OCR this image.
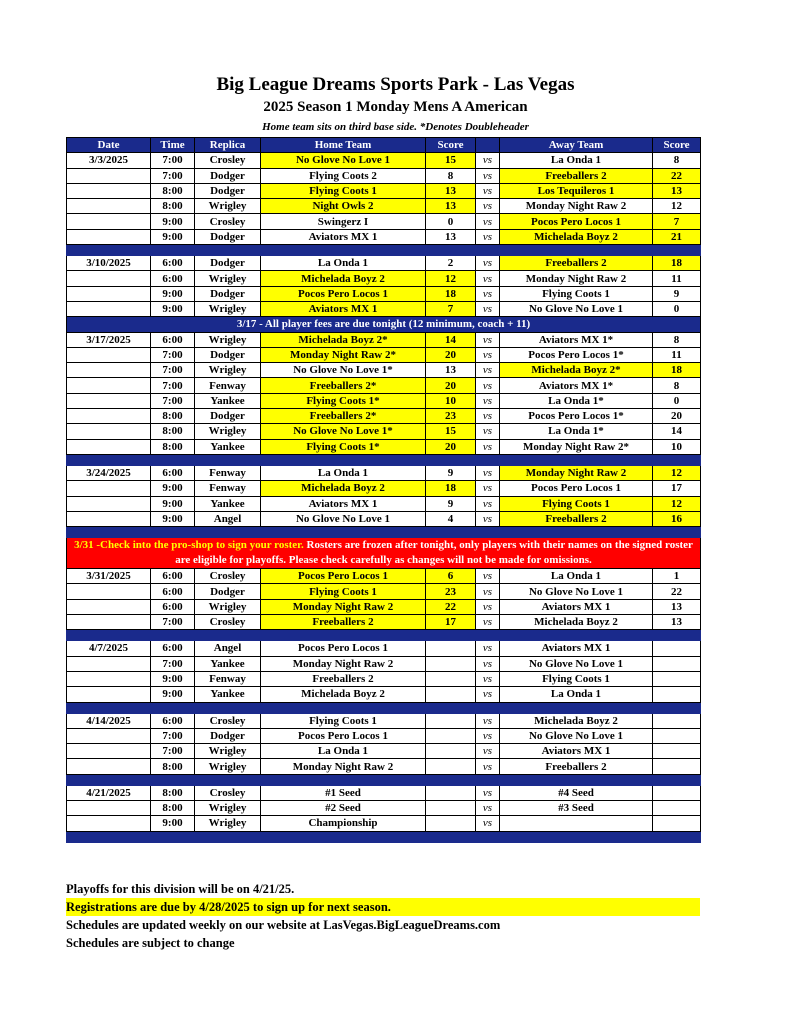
Big League Dreams Sports Park - Las Vegas
2025 Season 1 Monday Mens A American
Home team sits on third base side. *Denotes Doubleheader
Date	Time	Replica	Home Team	Score		Away Team	Score
3/3/2025	7:00	Crosley	No Glove No Love 1	15	vs	La Onda 1	8
	7:00	Dodger	Flying Coots 2	8	vs	Freeballers 2	22
	8:00	Dodger	Flying Coots 1	13	vs	Los Tequileros 1	13
	8:00	Wrigley	Night Owls 2	13	vs	Monday Night Raw 2	12
	9:00	Crosley	Swingerz I	0	vs	Pocos Pero Locos 1	7
	9:00	Dodger	Aviators MX 1	13	vs	Michelada Boyz 2	21

3/10/2025	6:00	Dodger	La Onda 1	2	vs	Freeballers 2	18
	6:00	Wrigley	Michelada Boyz 2	12	vs	Monday Night Raw 2	11
	9:00	Dodger	Pocos Pero Locos 1	18	vs	Flying Coots 1	9
	9:00	Wrigley	Aviators MX 1	7	vs	No Glove No Love 1	0
3/17 - All player fees are due tonight (12 minimum, coach + 11)							
3/17/2025	6:00	Wrigley	Michelada Boyz 2*	14	vs	Aviators MX 1*	8
	7:00	Dodger	Monday Night Raw 2*	20	vs	Pocos Pero Locos 1*	11
	7:00	Wrigley	No Glove No Love 1*	13	vs	Michelada Boyz 2*	18
	7:00	Fenway	Freeballers 2*	20	vs	Aviators MX 1*	8
	7:00	Yankee	Flying Coots 1*	10	vs	La Onda 1*	0
	8:00	Dodger	Freeballers 2*	23	vs	Pocos Pero Locos 1*	20
	8:00	Wrigley	No Glove No Love 1*	15	vs	La Onda 1*	14
	8:00	Yankee	Flying Coots 1*	20	vs	Monday Night Raw 2*	10

3/24/2025	6:00	Fenway	La Onda 1	9	vs	Monday Night Raw 2	12
	9:00	Fenway	Michelada Boyz 2	18	vs	Pocos Pero Locos 1	17
	9:00	Yankee	Aviators MX 1	9	vs	Flying Coots 1	12
	9:00	Angel	No Glove No Love 1	4	vs	Freeballers 2	16

3/31 -Check into the pro-shop to sign your roster. Rosters are frozen after tonight, only players with their names on the signed roster are eligible for playoffs. Please check carefully as changes will not be made for omissions.							
3/31/2025	6:00	Crosley	Pocos Pero Locos 1	6	vs	La Onda 1	1
	6:00	Dodger	Flying Coots 1	23	vs	No Glove No Love 1	22
	6:00	Wrigley	Monday Night Raw 2	22	vs	Aviators MX 1	13
	7:00	Crosley	Freeballers 2	17	vs	Michelada Boyz 2	13

4/7/2025	6:00	Angel	Pocos Pero Locos 1		vs	Aviators MX 1	
	7:00	Yankee	Monday Night Raw 2		vs	No Glove No Love 1	
	9:00	Fenway	Freeballers 2		vs	Flying Coots 1	
	9:00	Yankee	Michelada Boyz 2		vs	La Onda 1	

4/14/2025	6:00	Crosley	Flying Coots 1		vs	Michelada Boyz 2	
	7:00	Dodger	Pocos Pero Locos 1		vs	No Glove No Love 1	
	7:00	Wrigley	La Onda 1		vs	Aviators MX 1	
	8:00	Wrigley	Monday Night Raw 2		vs	Freeballers 2	

4/21/2025	8:00	Crosley	#1 Seed		vs	#4 Seed	
	8:00	Wrigley	#2 Seed		vs	#3 Seed	
	9:00	Wrigley	Championship		vs		

Playoffs for this division will be on 4/21/25.
Registrations are due by 4/28/2025 to sign up for next season.
Schedules are updated weekly on our website at LasVegas.BigLeagueDreams.com
Schedules are subject to change
